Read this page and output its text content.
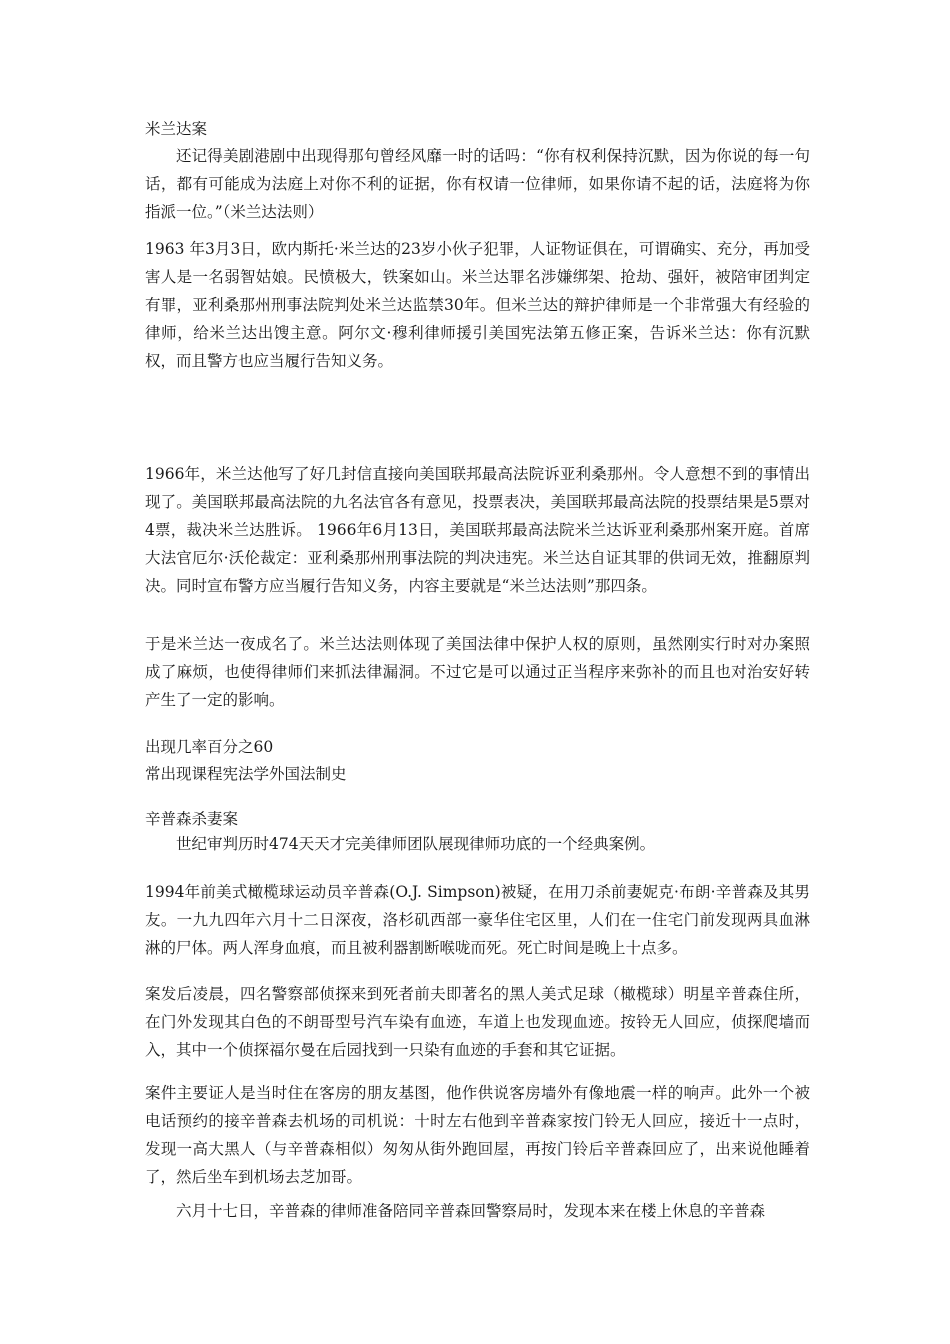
米兰达案

还记得美剧港剧中出现得那句曾经风靡一时的话吗：“你有权利保持沉默，因为你说的每一句话，都有可能成为法庭上对你不利的证据，你有权请一位律师，如果你请不起的话，法庭将为你指派一位。”（米兰达法则）

1963 年3月3日，欧内斯托·米兰达的23岁小伙子犯罪，人证物证俱在，可谓确实、充分，再加受害人是一名弱智姑娘。民愤极大，铁案如山。米兰达罪名涉嫌绑架、抢劫、强奸，被陪审团判定有罪，亚利桑那州刑事法院判处米兰达监禁30年。但米兰达的辩护律师是一个非常强大有经验的律师，给米兰达出馊主意。阿尔文·穆利律师援引美国宪法第五修正案，告诉米兰达：你有沉默权，而且警方也应当履行告知义务。

1966年，米兰达他写了好几封信直接向美国联邦最高法院诉亚利桑那州。令人意想不到的事情出现了。美国联邦最高法院的九名法官各有意见，投票表决，美国联邦最高法院的投票结果是5票对4票，裁决米兰达胜诉。 1966年6月13日，美国联邦最高法院米兰达诉亚利桑那州案开庭。首席大法官厄尔·沃伦裁定：亚利桑那州刑事法院的判决违宪。米兰达自证其罪的供词无效，推翻原判决。同时宣布警方应当履行告知义务，内容主要就是“米兰达法则”那四条。

于是米兰达一夜成名了。米兰达法则体现了美国法律中保护人权的原则，虽然刚实行时对办案照成了麻烦，也使得律师们来抓法律漏洞。不过它是可以通过正当程序来弥补的而且也对治安好转产生了一定的影响。

出现几率百分之60

常出现课程宪法学外国法制史

辛普森杀妻案

世纪审判历时474天天才完美律师团队展现律师功底的一个经典案例。

1994年前美式橄榄球运动员辛普森(O.J. Simpson)被疑，在用刀杀前妻妮克·布朗·辛普森及其男友。一九九四年六月十二日深夜，洛杉矶西部一豪华住宅区里，人们在一住宅门前发现两具血淋淋的尸体。两人浑身血痕，而且被利器割断喉咙而死。死亡时间是晚上十点多。

案发后凌晨，四名警察部侦探来到死者前夫即著名的黑人美式足球（橄榄球）明星辛普森住所，在门外发现其白色的不朗哥型号汽车染有血迹，车道上也发现血迹。按铃无人回应，侦探爬墙而入，其中一个侦探福尔曼在后园找到一只染有血迹的手套和其它证据。

案件主要证人是当时住在客房的朋友基图，他作供说客房墙外有像地震一样的响声。此外一个被电话预约的接辛普森去机场的司机说：十时左右他到辛普森家按门铃无人回应，接近十一点时，发现一高大黑人（与辛普森相似）匆匆从街外跑回屋，再按门铃后辛普森回应了，出来说他睡着了，然后坐车到机场去芝加哥。

六月十七日，辛普森的律师准备陪同辛普森回警察局时，发现本来在楼上休息的辛普森
